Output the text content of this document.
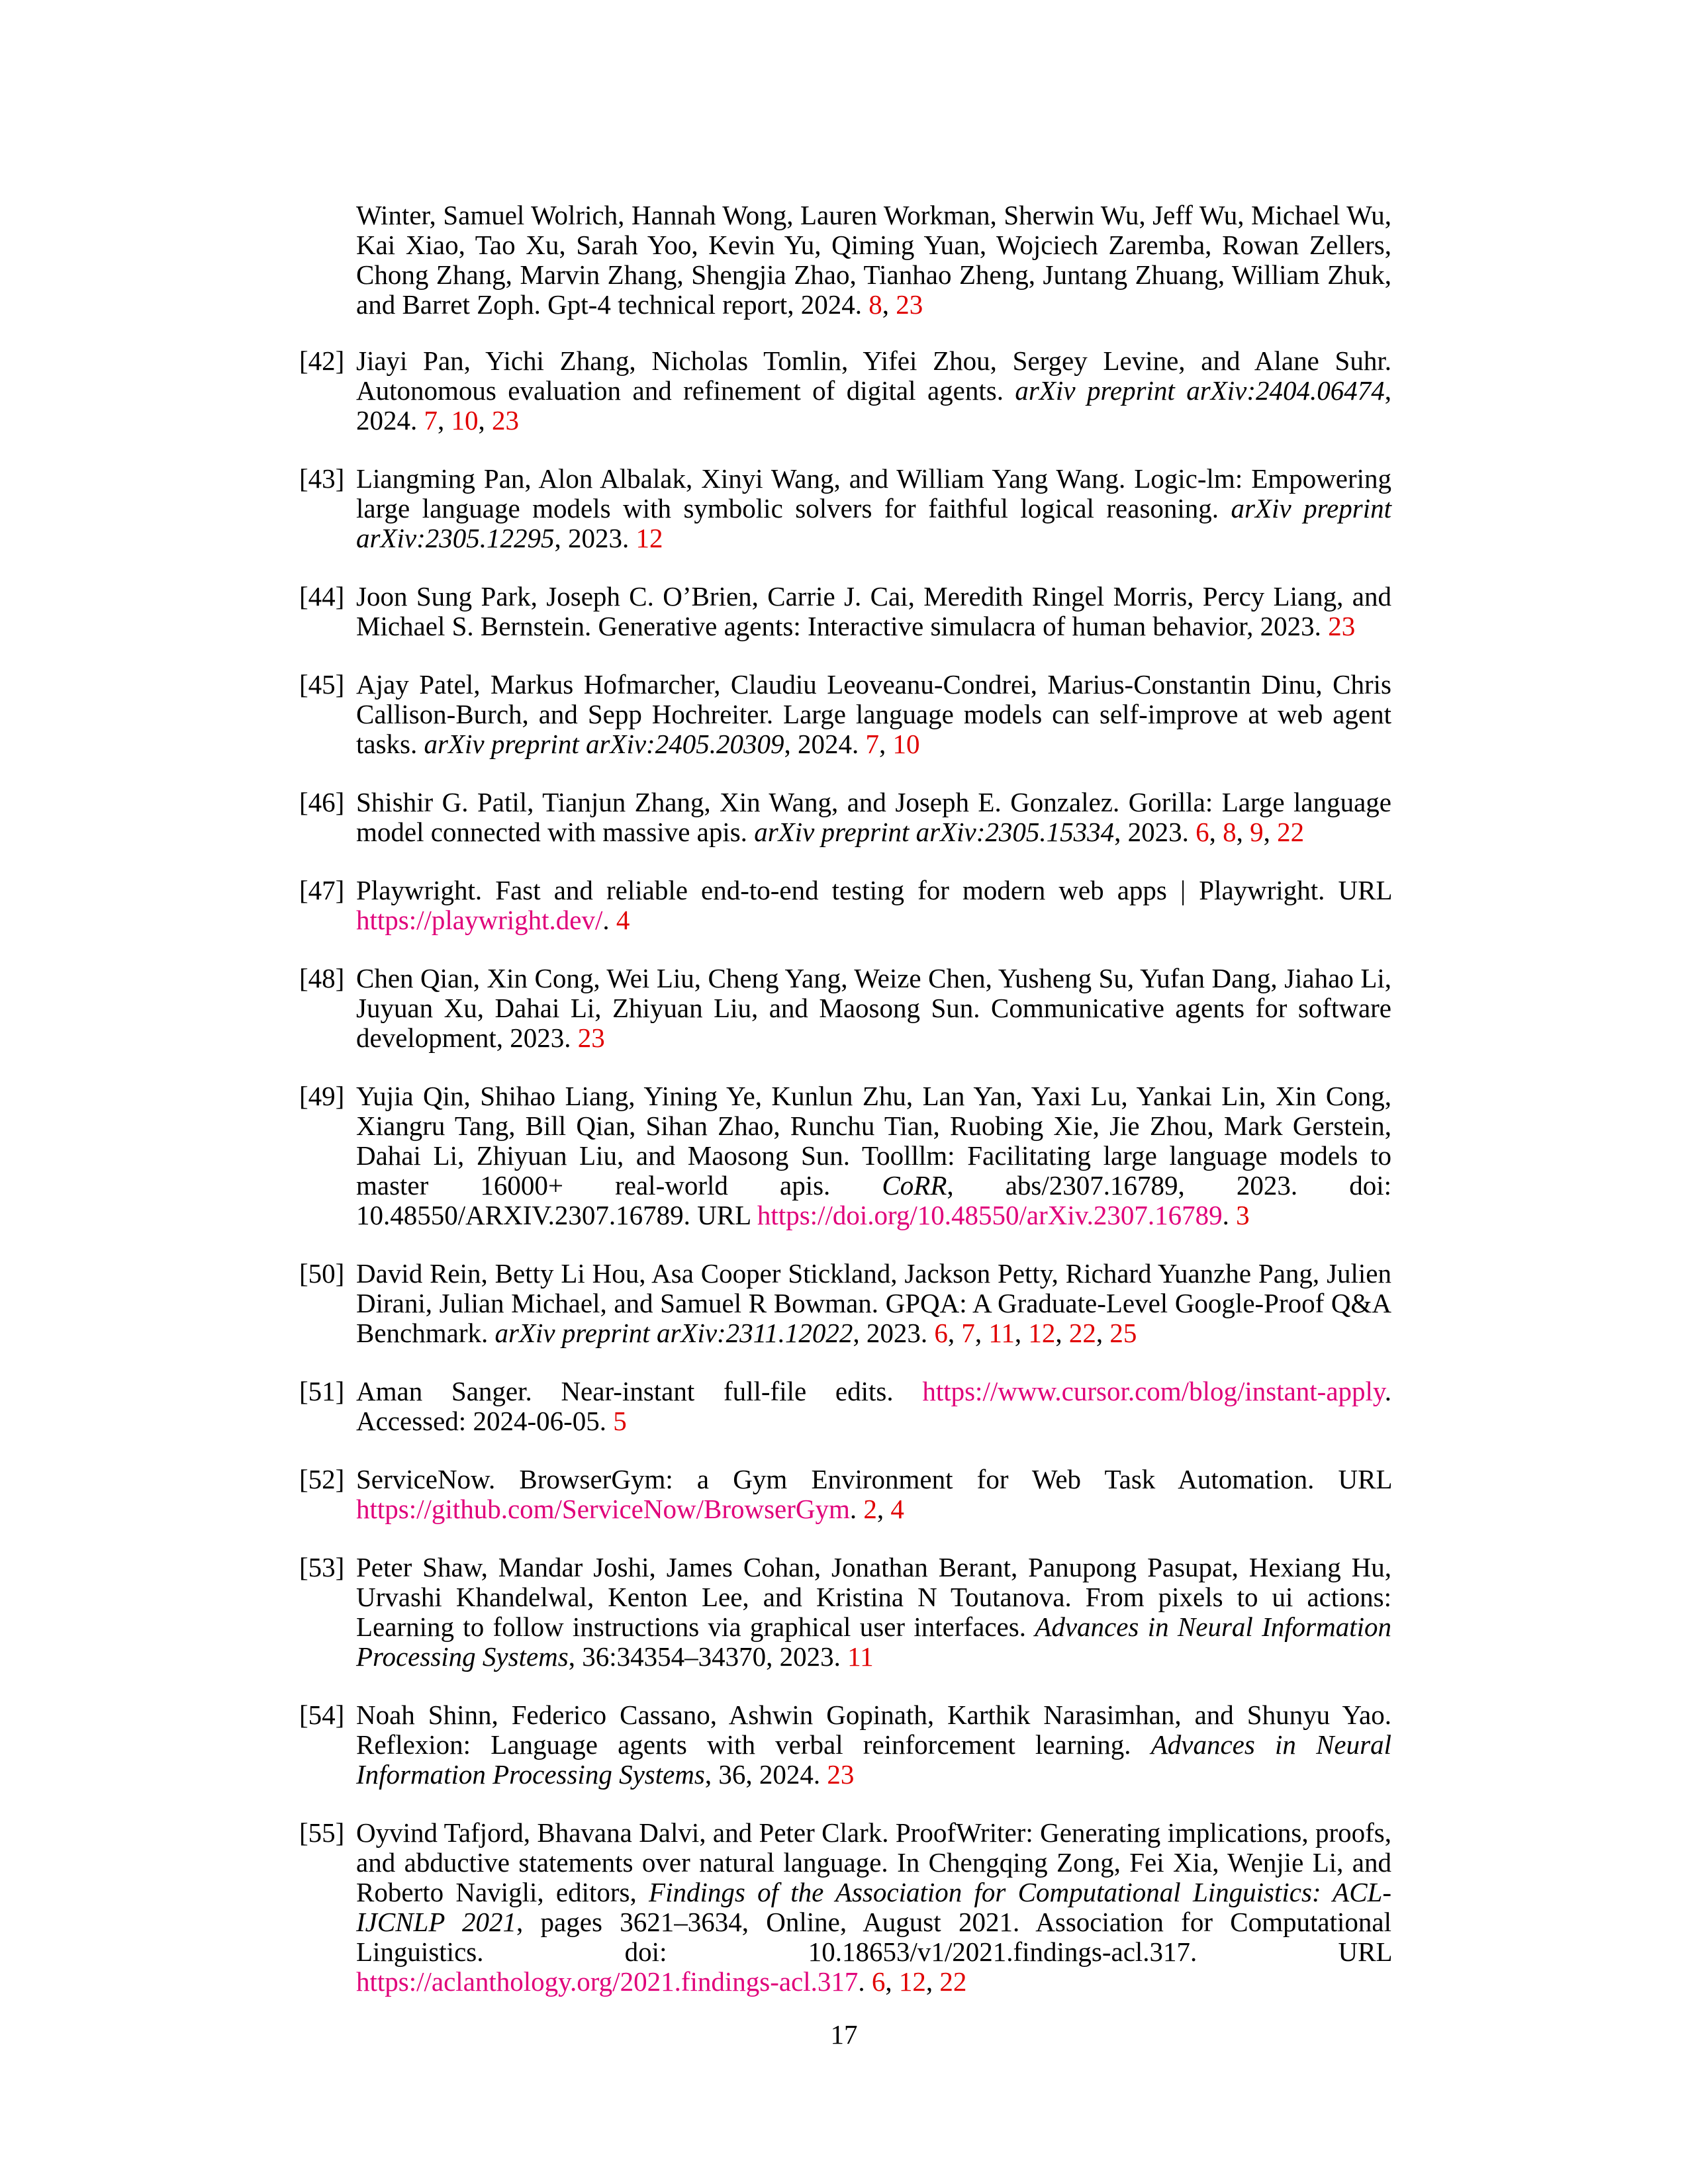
Winter, Samuel Wolrich, Hannah Wong, Lauren Workman, Sherwin Wu, Jeff Wu, Michael Wu, Kai Xiao, Tao Xu, Sarah Yoo, Kevin Yu, Qiming Yuan, Wojciech Zaremba, Rowan Zellers, Chong Zhang, Marvin Zhang, Shengjia Zhao, Tianhao Zheng, Juntang Zhuang, William Zhuk, and Barret Zoph. Gpt-4 technical report, 2024. 8, 23
[42] Jiayi Pan, Yichi Zhang, Nicholas Tomlin, Yifei Zhou, Sergey Levine, and Alane Suhr. Autonomous evaluation and refinement of digital agents. arXiv preprint arXiv:2404.06474, 2024. 7, 10, 23
[43] Liangming Pan, Alon Albalak, Xinyi Wang, and William Yang Wang. Logic-lm: Empowering large language models with symbolic solvers for faithful logical reasoning. arXiv preprint arXiv:2305.12295, 2023. 12
[44] Joon Sung Park, Joseph C. O’Brien, Carrie J. Cai, Meredith Ringel Morris, Percy Liang, and Michael S. Bernstein. Generative agents: Interactive simulacra of human behavior, 2023. 23
[45] Ajay Patel, Markus Hofmarcher, Claudiu Leoveanu-Condrei, Marius-Constantin Dinu, Chris Callison-Burch, and Sepp Hochreiter. Large language models can self-improve at web agent tasks. arXiv preprint arXiv:2405.20309, 2024. 7, 10
[46] Shishir G. Patil, Tianjun Zhang, Xin Wang, and Joseph E. Gonzalez. Gorilla: Large language model connected with massive apis. arXiv preprint arXiv:2305.15334, 2023. 6, 8, 9, 22
[47] Playwright. Fast and reliable end-to-end testing for modern web apps | Playwright. URL https://playwright.dev/. 4
[48] Chen Qian, Xin Cong, Wei Liu, Cheng Yang, Weize Chen, Yusheng Su, Yufan Dang, Jiahao Li, Juyuan Xu, Dahai Li, Zhiyuan Liu, and Maosong Sun. Communicative agents for software development, 2023. 23
[49] Yujia Qin, Shihao Liang, Yining Ye, Kunlun Zhu, Lan Yan, Yaxi Lu, Yankai Lin, Xin Cong, Xiangru Tang, Bill Qian, Sihan Zhao, Runchu Tian, Ruobing Xie, Jie Zhou, Mark Gerstein, Dahai Li, Zhiyuan Liu, and Maosong Sun. Toolllm: Facilitating large language models to master 16000+ real-world apis. CoRR, abs/2307.16789, 2023. doi: 10.48550/ARXIV.2307.16789. URL https://doi.org/10.48550/arXiv.2307.16789. 3
[50] David Rein, Betty Li Hou, Asa Cooper Stickland, Jackson Petty, Richard Yuanzhe Pang, Julien Dirani, Julian Michael, and Samuel R Bowman. GPQA: A Graduate-Level Google-Proof Q&A Benchmark. arXiv preprint arXiv:2311.12022, 2023. 6, 7, 11, 12, 22, 25
[51] Aman Sanger. Near-instant full-file edits. https://www.cursor.com/blog/instant-apply. Accessed: 2024-06-05. 5
[52] ServiceNow. BrowserGym: a Gym Environment for Web Task Automation. URL https://github.com/ServiceNow/BrowserGym. 2, 4
[53] Peter Shaw, Mandar Joshi, James Cohan, Jonathan Berant, Panupong Pasupat, Hexiang Hu, Urvashi Khandelwal, Kenton Lee, and Kristina N Toutanova. From pixels to ui actions: Learning to follow instructions via graphical user interfaces. Advances in Neural Information Processing Systems, 36:34354–34370, 2023. 11
[54] Noah Shinn, Federico Cassano, Ashwin Gopinath, Karthik Narasimhan, and Shunyu Yao. Reflexion: Language agents with verbal reinforcement learning. Advances in Neural Information Processing Systems, 36, 2024. 23
[55] Oyvind Tafjord, Bhavana Dalvi, and Peter Clark. ProofWriter: Generating implications, proofs, and abductive statements over natural language. In Chengqing Zong, Fei Xia, Wenjie Li, and Roberto Navigli, editors, Findings of the Association for Computational Linguistics: ACL-IJCNLP 2021, pages 3621–3634, Online, August 2021. Association for Computational Linguistics. doi: 10.18653/v1/2021.findings-acl.317. URL https://aclanthology.org/2021.findings-acl.317. 6, 12, 22
17
